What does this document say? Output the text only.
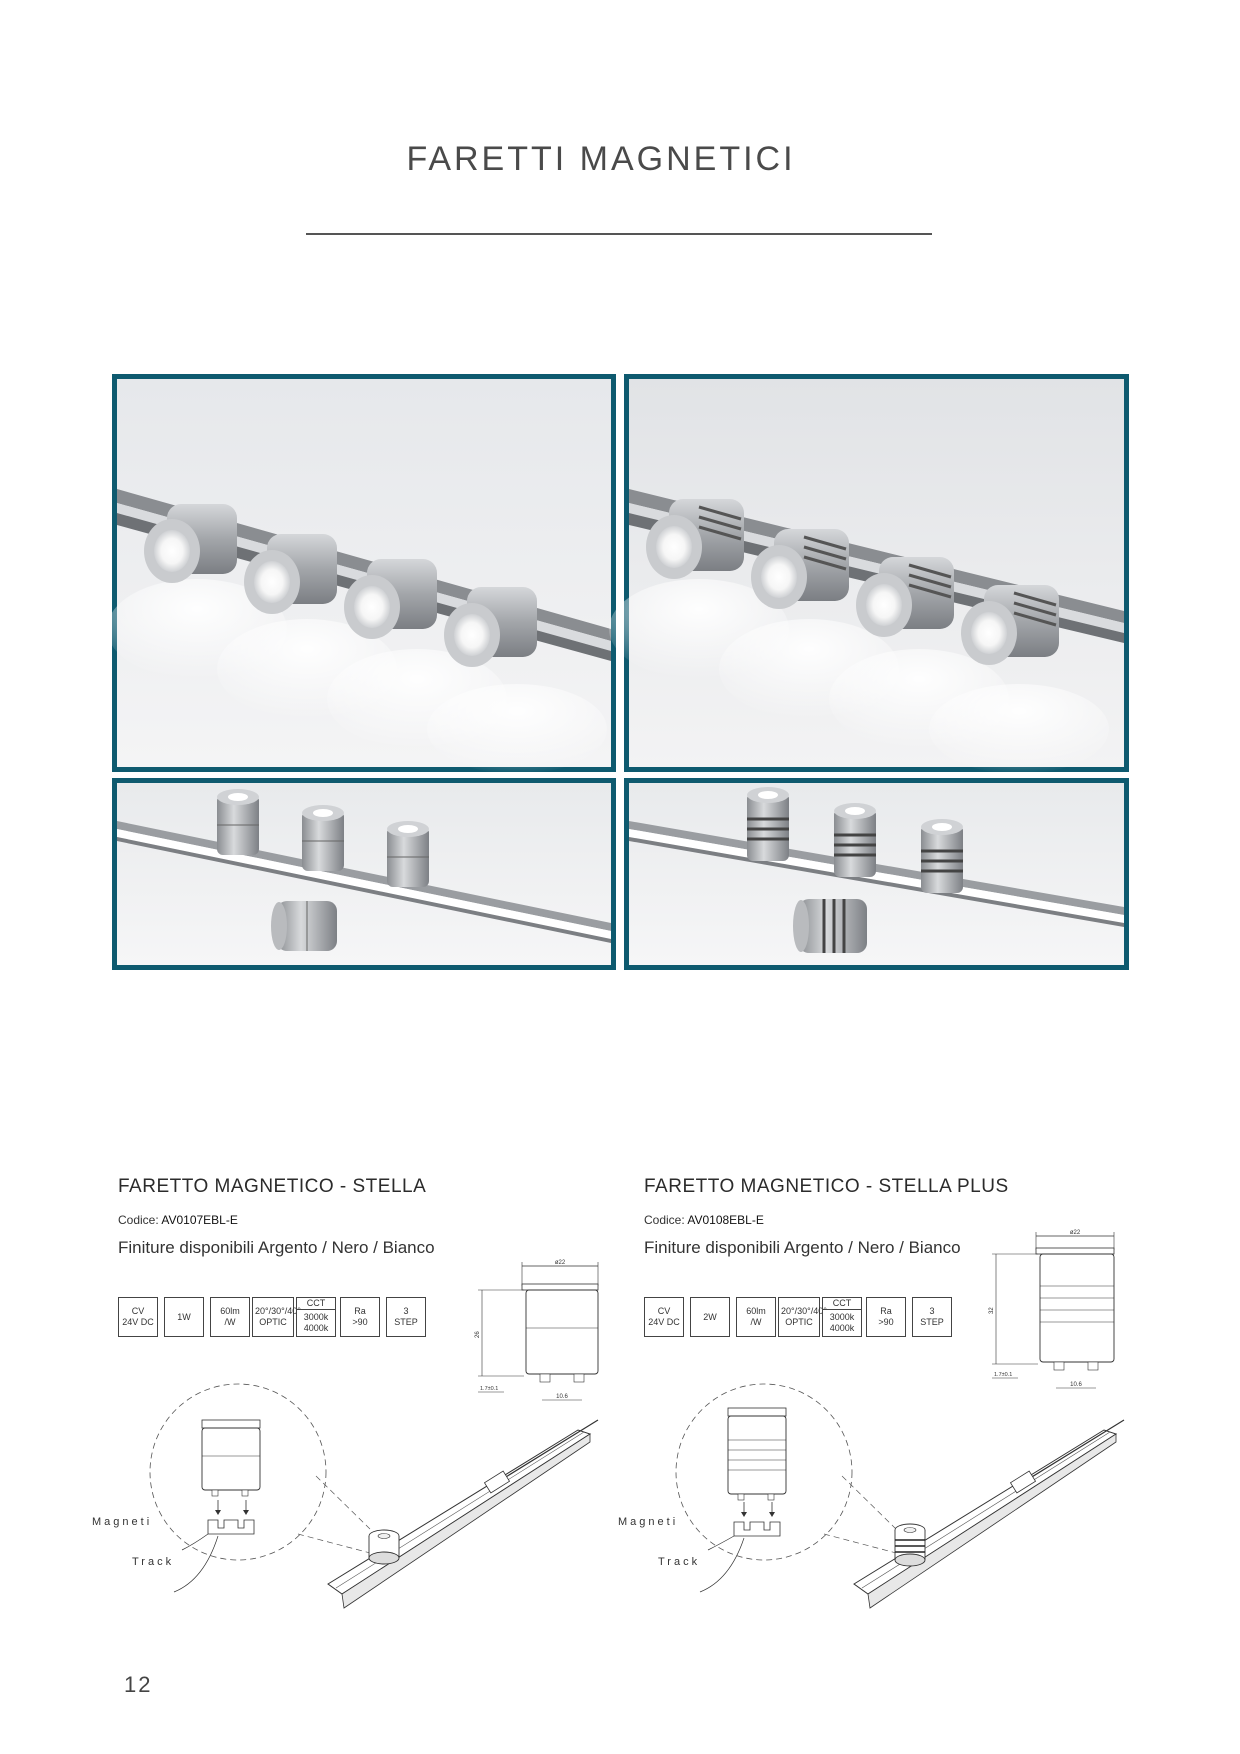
FARETTI MAGNETICI
FARETTO MAGNETICO - STELLA
Codice: AV0107EBL-E
Finiture disponibili Argento / Nero / Bianco
CV
24V DC
1W
60lm
/W
20°/30°/40°
OPTIC
CCT
3000k
4000k
Ra
>90
3
STEP
ø22
26
1.7±0.1
10.6
Magneti
Track
FARETTO MAGNETICO - STELLA PLUS
Codice: AV0108EBL-E
Finiture disponibili Argento / Nero / Bianco
CV
24V DC
2W
60lm
/W
20°/30°/40°
OPTIC
CCT
3000k
4000k
Ra
>90
3
STEP
ø22
32
1.7±0.1
10.6
Magneti
Track
12
